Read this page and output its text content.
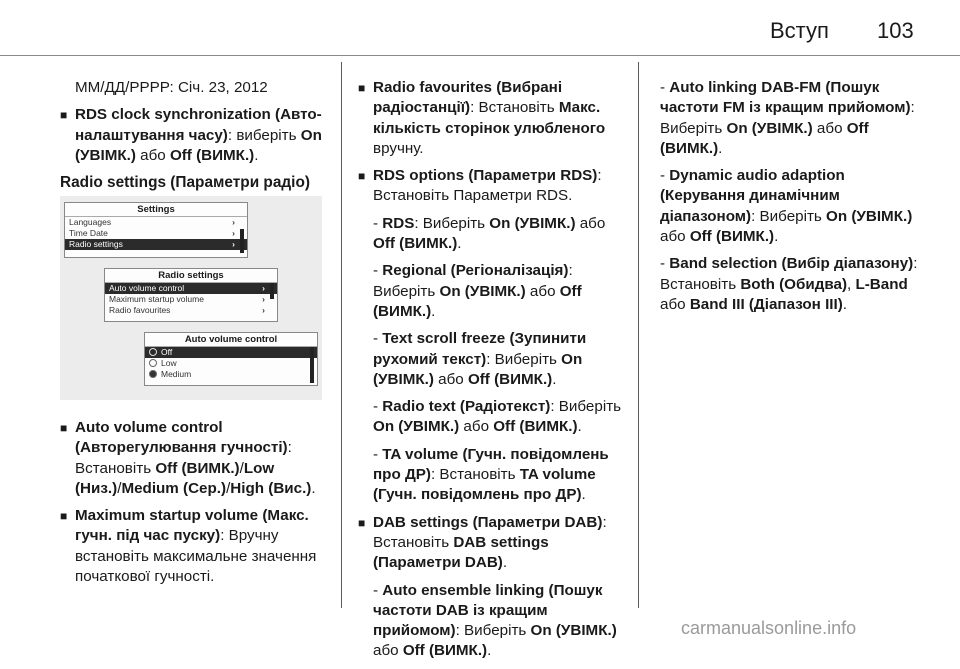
Вступ 103

ММ/ДД/РРРР: Січ. 23, 2012

■ RDS clock synchronization (Авто-налаштування часу): виберіть On (УВІМК.) або Off (ВИМК.).
Radio settings (Параметри радіо)
Settings
Languages	›
Time Date	›
Radio settings	›
Radio settings
Auto volume control	›
Maximum startup volume	›
Radio favourites	›
Auto volume control
Off
Low
Medium
■ Auto volume control (Авторегулювання гучності): Встановіть Off (ВИМК.)/Low (Низ.)/Medium (Сер.)/High (Вис.).
■ Maximum startup volume (Макс. гучн. під час пуску): Вручну встановіть максимальне значення початкової гучності.
■ Radio favourites (Вибрані радіостанції): Встановіть Макс. кількість сторінок улюбленого вручну.
■ RDS options (Параметри RDS): Встановіть Параметри RDS.

- RDS: Виберіть On (УВІМК.) або Off (ВИМК.).

- Regional (Регіоналізація): Виберіть On (УВІМК.) або Off (ВИМК.).

- Text scroll freeze (Зупинити рухомий текст): Виберіть On (УВІМК.) або Off (ВИМК.).

- Radio text (Радіотекст): Виберіть On (УВІМК.) або Off (ВИМК.).

- TA volume (Гучн. повідомлень про ДР): Встановіть TA volume (Гучн. повідомлень про ДР).

■ DAB settings (Параметри DAB): Встановіть DAB settings (Параметри DAB).

- Auto ensemble linking (Пошук частоти DAB із кращим прийомом): Виберіть On (УВІМК.) або Off (ВИМК.).

- Auto linking DAB-FM (Пошук частоти FM із кращим прийомом): Виберіть On (УВІМК.) або Off (ВИМК.).

- Dynamic audio adaption (Керування динамічним діапазоном): Виберіть On (УВІМК.) або Off (ВИМК.).

- Band selection (Вибір діапазону): Встановіть Both (Обидва), L-Band або Band III (Діапазон III).

carmanualsonline.info
